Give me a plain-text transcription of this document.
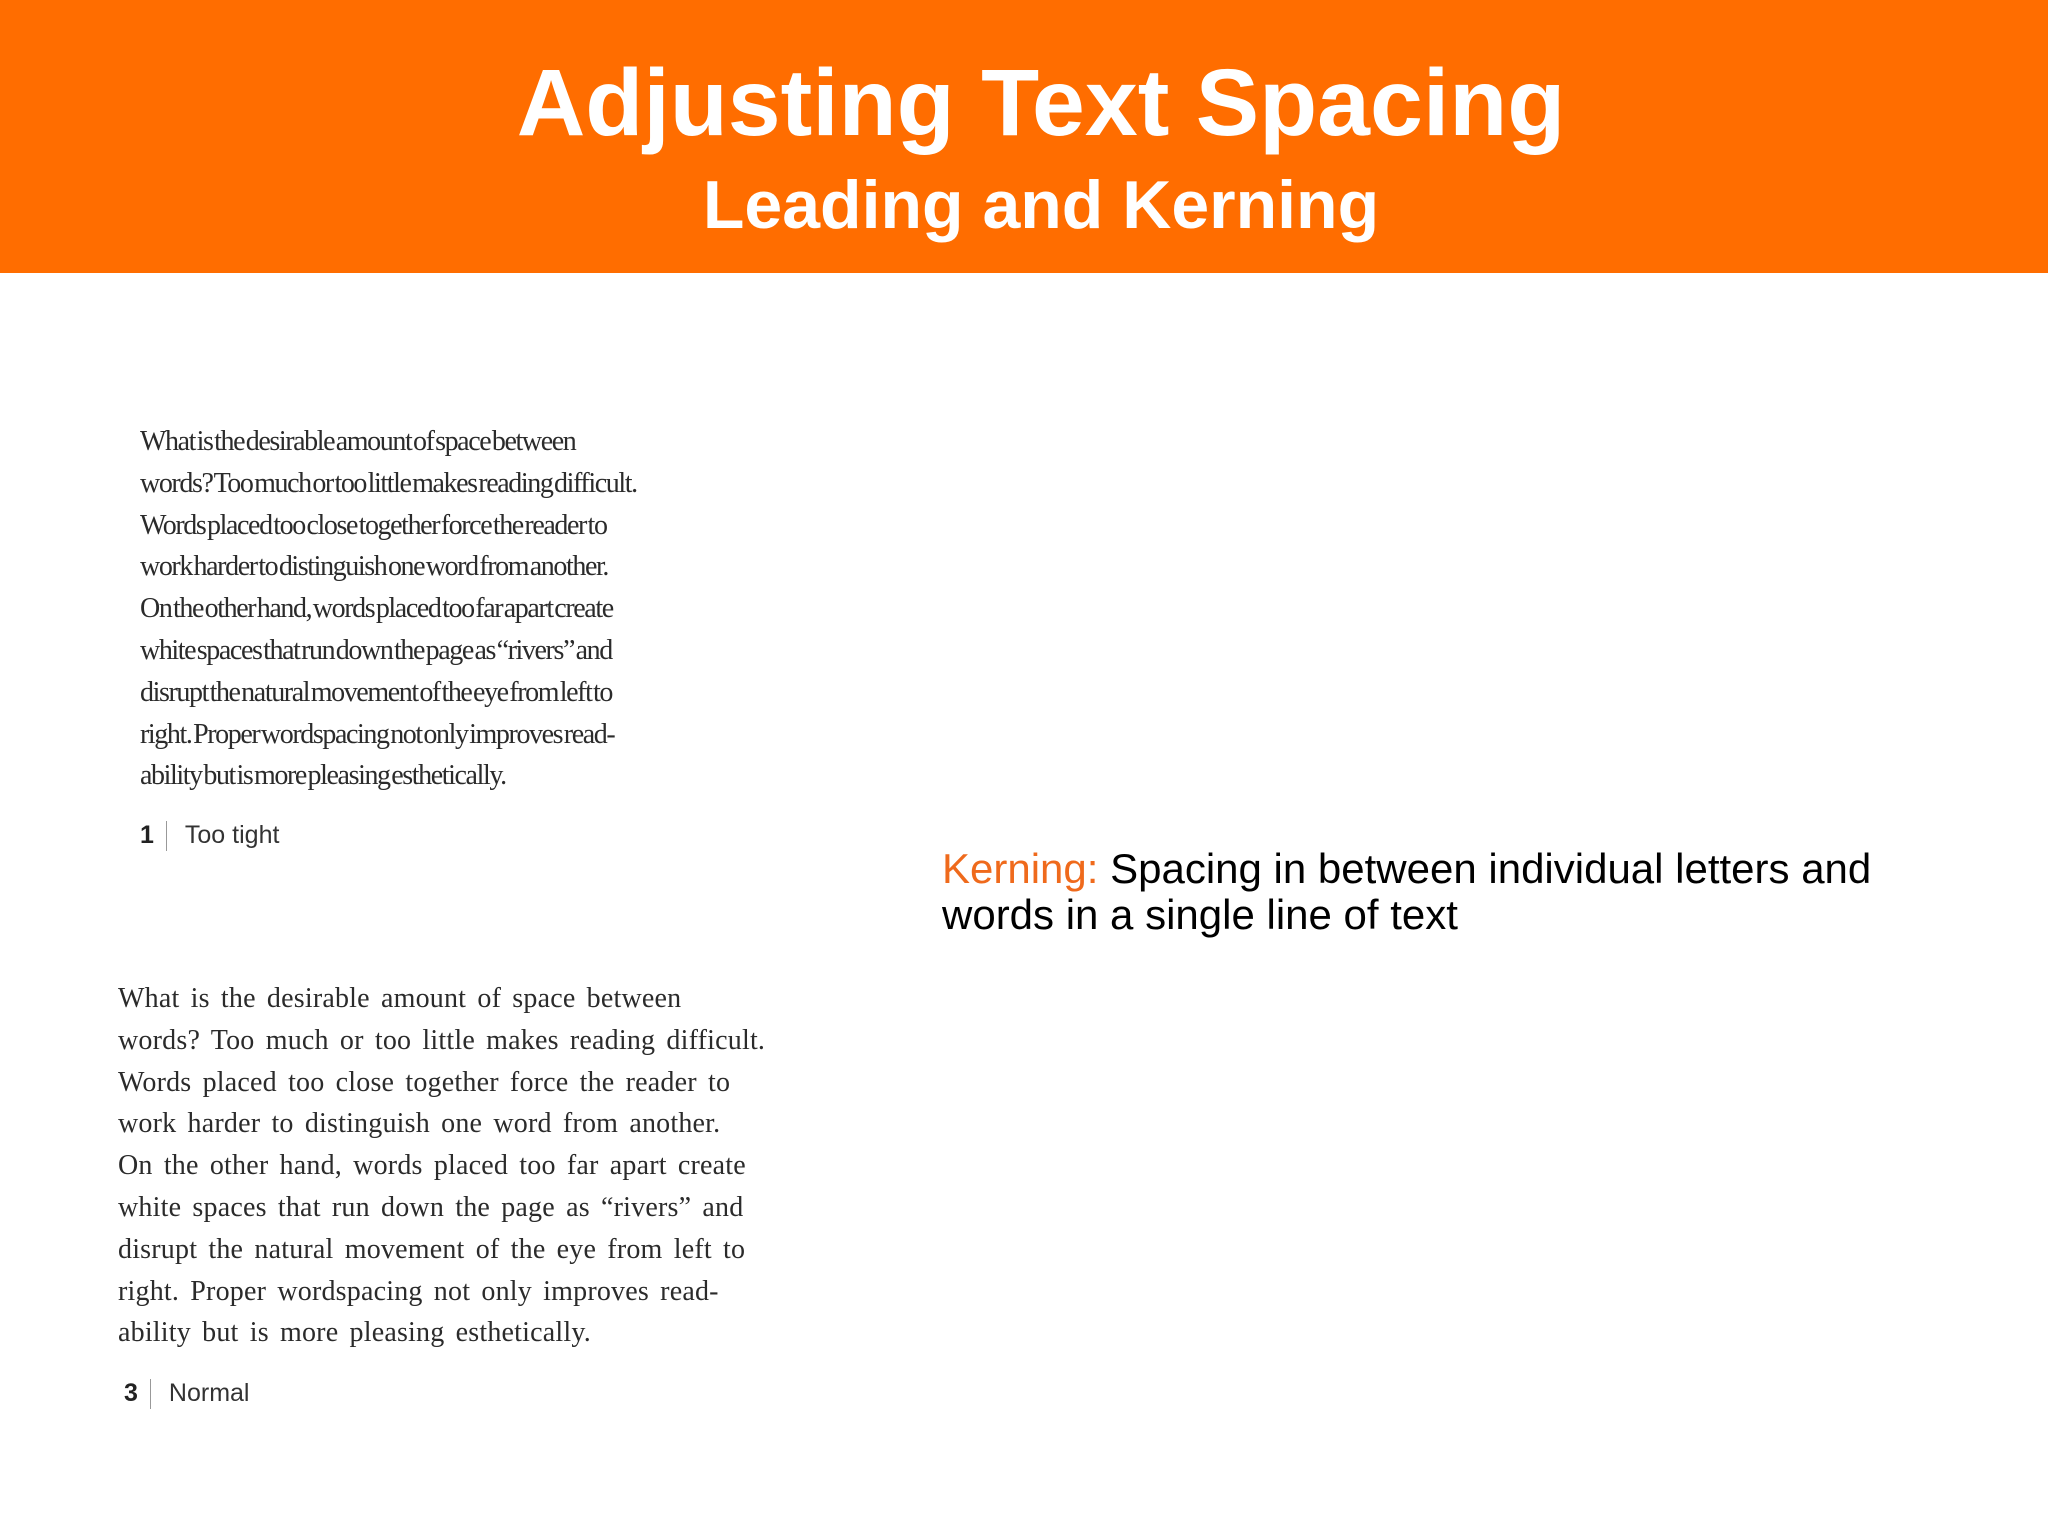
Adjusting Text Spacing
Leading and Kerning
What is the desirable amount of space between
words? Too much or too little makes reading difficult.
Words placed too close together force the reader to
work harder to distinguish one word from another.
On the other hand, words placed too far apart create
white spaces that run down the page as “rivers” and
disrupt the natural movement of the eye from left to
right. Proper wordspacing not only improves read-
ability but is more pleasing esthetically.
1 Too tight
What is the desirable amount of space between
words? Too much or too little makes reading difficult.
Words placed too close together force the reader to
work harder to distinguish one word from another.
On the other hand, words placed too far apart create
white spaces that run down the page as “rivers” and
disrupt the natural movement of the eye from left to
right. Proper wordspacing not only improves read-
ability but is more pleasing esthetically.
3 Normal
Kerning: Spacing in between individual letters and words in a single line of text
